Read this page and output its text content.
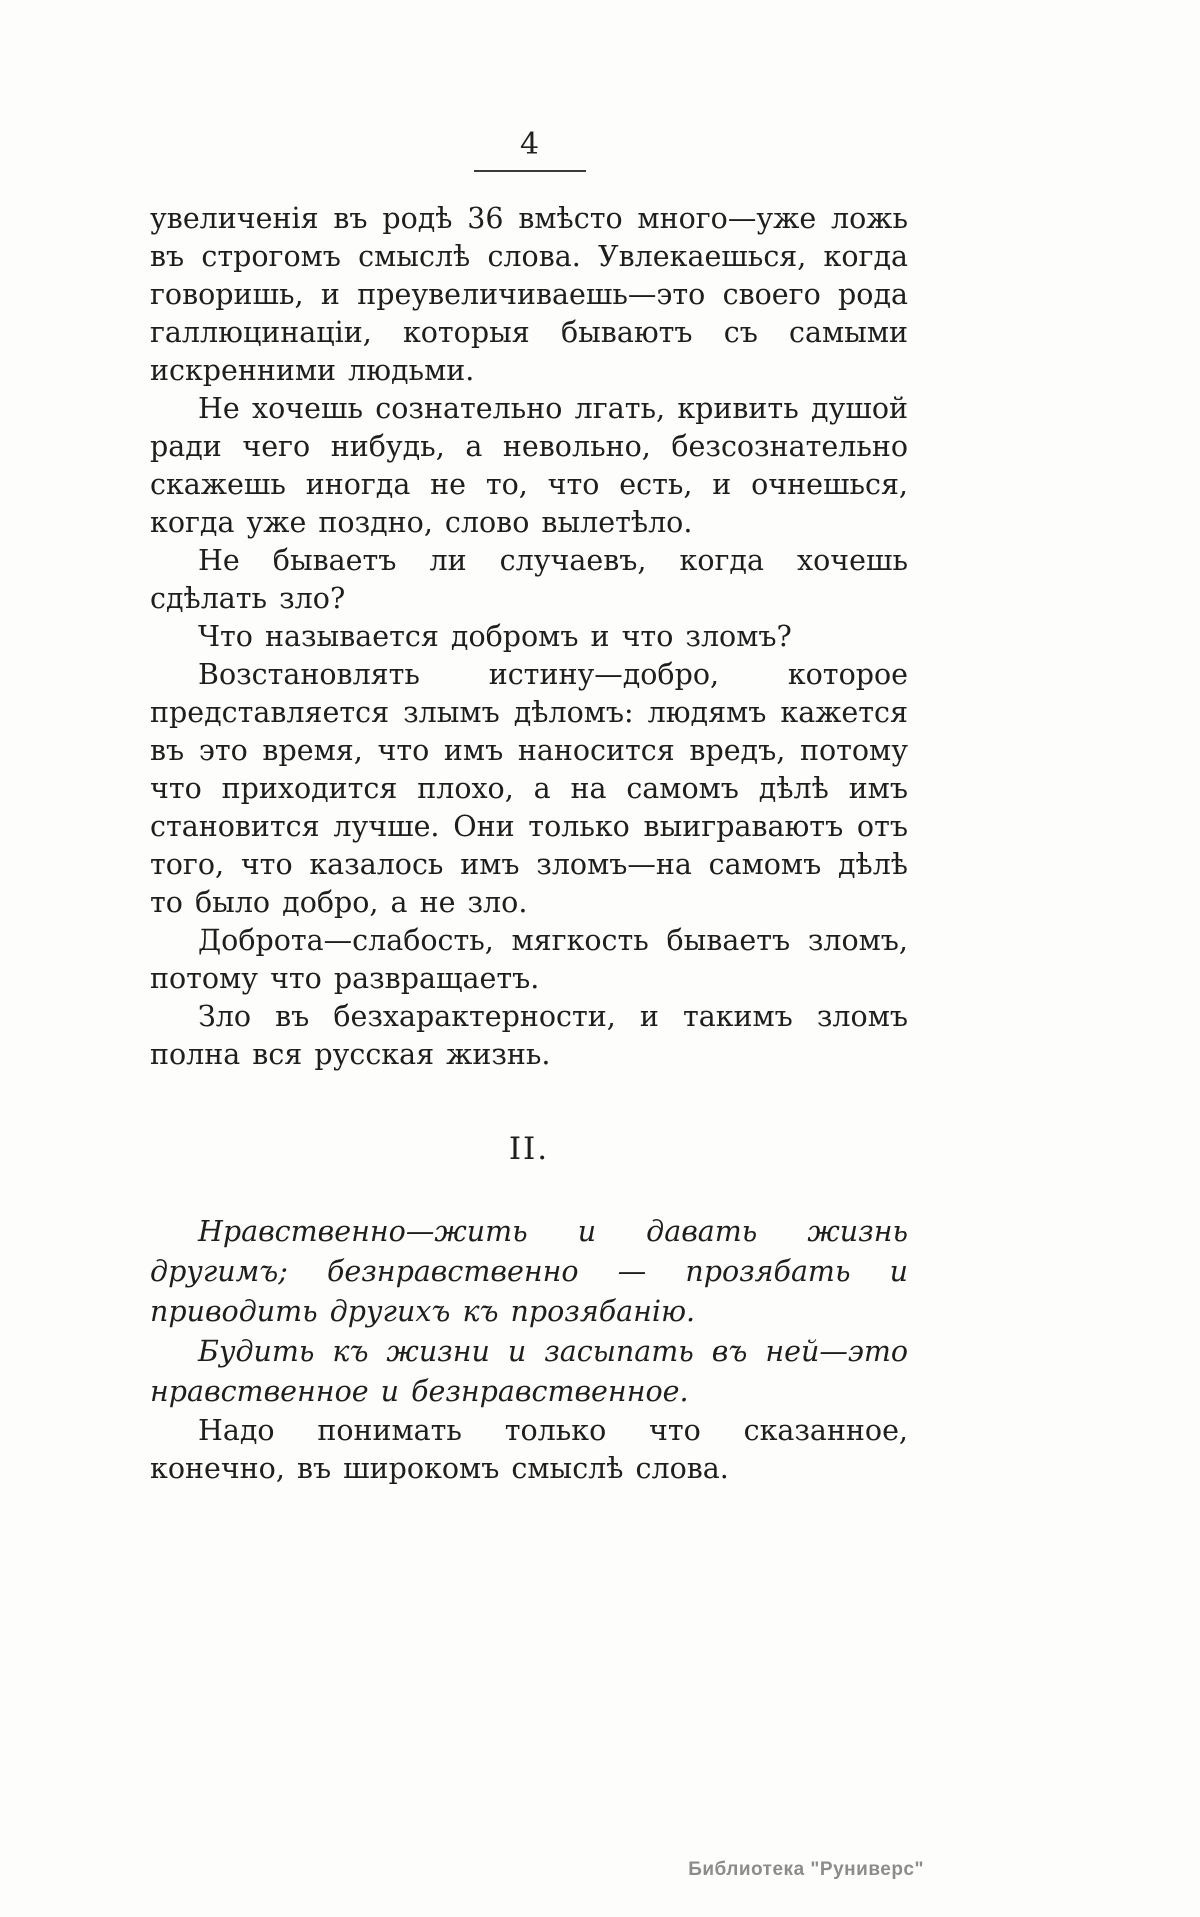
4

увеличенія въ родѣ 36 вмѣсто много—уже ложь въ строгомъ смыслѣ слова. Увлекаешься, когда говоришь, и преувеличиваешь—это своего рода галлюцинаціи, которыя бываютъ съ самыми искренними людьми.

Не хочешь сознательно лгать, кривить душой ради чего нибудь, а невольно, безсознательно скажешь иногда не то, что есть, и очнешься, когда уже поздно, слово вылетѣло.

Не бываетъ ли случаевъ, когда хочешь сдѣлать зло?

Что называется добромъ и что зломъ?

Возстановлять истину—добро, которое представляется злымъ дѣломъ: людямъ кажется въ это время, что имъ наносится вредъ, потому что приходится плохо, а на самомъ дѣлѣ имъ становится лучше. Они только выиграваютъ отъ того, что казалось имъ зломъ—на самомъ дѣлѣ то было добро, а не зло.

Доброта—слабость, мягкость бываетъ зломъ, потому что развращаетъ.

Зло въ безхарактерности, и такимъ зломъ полна вся русская жизнь.

II.

Нравственно—жить и давать жизнь другимъ; безнравственно — прозябать и приводить другихъ къ прозябанію.

Будить къ жизни и засыпать въ ней—это нравственное и безнравственное.

Надо понимать только что сказанное, конечно, въ широкомъ смыслѣ слова.

Библиотека "Руниверс"
